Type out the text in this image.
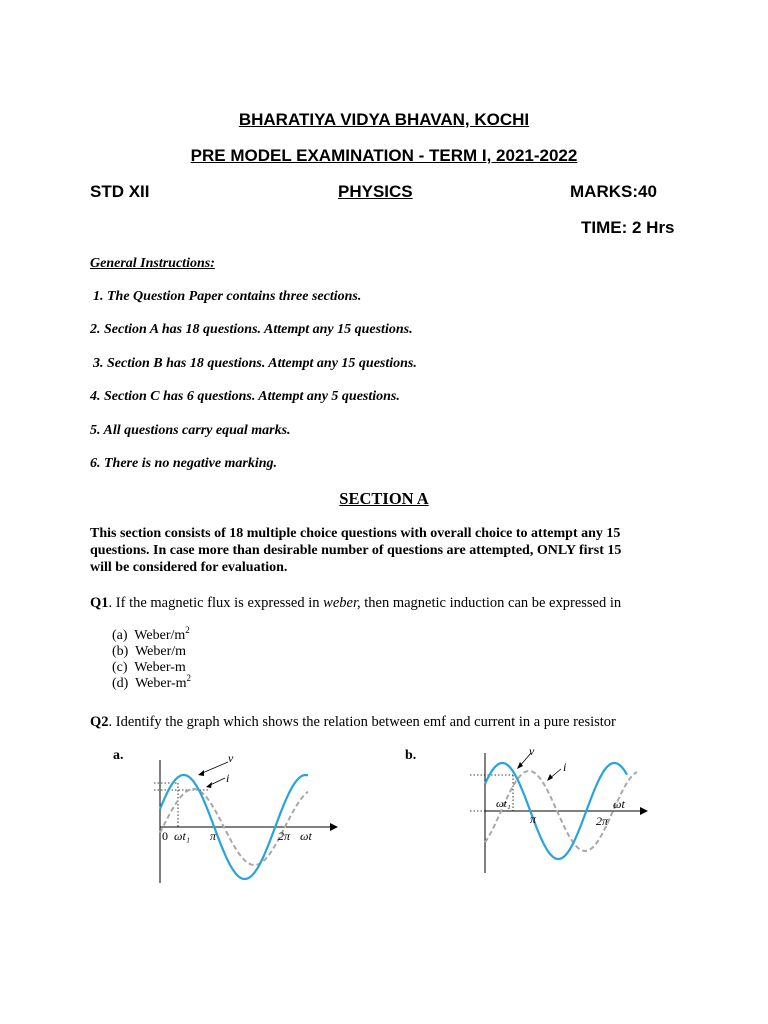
BHARATIYA VIDYA BHAVAN, KOCHI
PRE MODEL EXAMINATION - TERM I, 2021-2022
STD XII	PHYSICS	MARKS:40
TIME: 2 Hrs
General Instructions:
1. The Question Paper contains three sections.
2. Section A has 18 questions. Attempt any 15 questions.
3. Section B has 18 questions. Attempt any 15 questions.
4. Section C has 6 questions. Attempt any 5 questions.
5. All questions carry equal marks.
6. There is no negative marking.
SECTION A
This section consists of 18 multiple choice questions with overall choice to attempt any 15
questions. In case more than desirable number of questions are attempted, ONLY first 15
will be considered for evaluation.
Q1. If the magnetic flux is expressed in weber, then magnetic induction can be expressed in
(a) Weber/$m^2$
(b) Weber/m
(c) Weber-m
(d) Weber-$m^2$
Q2. Identify the graph which shows the relation between emf and current in a pure resistor
a.	v
i
0 ωt₁ π	2π ωt
b.	v
i
ωt₁
π	2π
ωt
